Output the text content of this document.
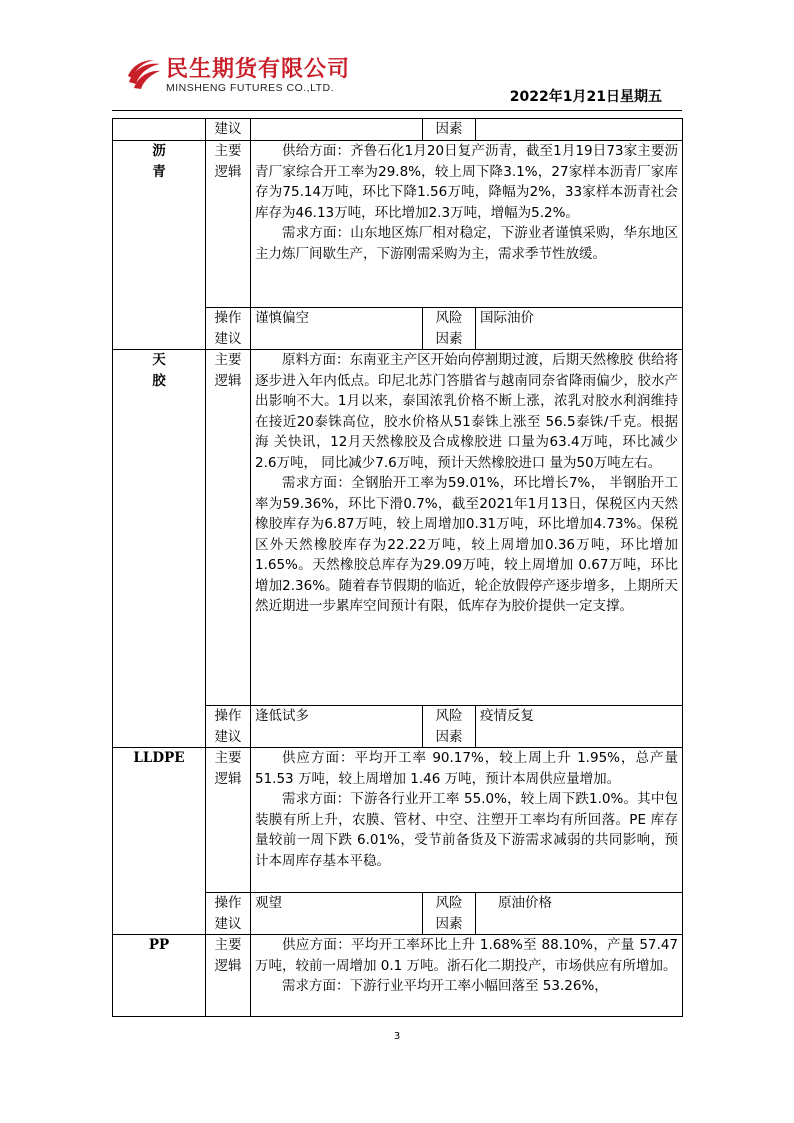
民生期货有限公司
MINSHENG FUTURES CO.,LTD.
2022年1月21日星期五
	建议		因素	
沥青	主要逻辑	供给方面：齐鲁石化1月20日复产沥青，截至1月19日73家主要沥青厂家综合开工率为29.8%，较上周下降3.1%，27家样本沥青厂家库存为75.14万吨，环比下降1.56万吨，降幅为2%，33家样本沥青社会库存为46.13万吨，环比增加2.3万吨，增幅为5.2%。

需求方面：山东地区炼厂相对稳定，下游业者谨慎采购，华东地区主力炼厂间歇生产，下游刚需采购为主，需求季节性放缓。		

	操作建议	谨慎偏空	风险因素	国际油价
天胶	主要逻辑	原料方面：东南亚主产区开始向停割期过渡，后期天然橡胶 供给将逐步进入年内低点。印尼北苏门答腊省与越南同奈省降雨偏少，胶水产出影响不大。1月以来，泰国浓乳价格不断上涨，浓乳对胶水利润维持在接近20泰铢高位，胶水价格从51泰铢上涨至 56.5泰铢/千克。根据海 关快讯，12月天然橡胶及合成橡胶进 口量为63.4万吨，环比减少2.6万吨， 同比减少7.6万吨，预计天然橡胶进口 量为50万吨左右。

需求方面：全钢胎开工率为59.01%，环比增长7%， 半钢胎开工率为59.36%，环比下滑0.7%，截至2021年1月13日，保税区内天然橡胶库存为6.87万吨，较上周增加0.31万吨，环比增加4.73%。保税区外天然橡胶库存为22.22万吨，较上周增加0.36万吨，环比增加1.65%。天然橡胶总库存为29.09万吨，较上周增加 0.67万吨，环比增加2.36%。随着春节假期的临近，轮企放假停产逐步增多，上期所天然近期进一步累库空间预计有限，低库存为胶价提供一定支撑。		

	操作建议	逢低试多	风险因素	疫情反复
LLDPE	主要逻辑	供应方面：平均开工率 90.17%，较上周上升 1.95%，总产量 51.53 万吨，较上周增加 1.46 万吨，预计本周供应量增加。

需求方面：下游各行业开工率 55.0%，较上周下跌1.0%。其中包装膜有所上升，农膜、管材、中空、注塑开工率均有所回落。PE 库存量较前一周下跌 6.01%，受节前备货及下游需求减弱的共同影响，预计本周库存基本平稳。		

	操作建议	观望	风险因素	原油价格
PP	主要逻辑	供应方面：平均开工率环比上升 1.68%至 88.10%，产量 57.47 万吨，较前一周增加 0.1 万吨。浙石化二期投产，市场供应有所增加。

需求方面：下游行业平均开工率小幅回落至 53.26%，		

3
